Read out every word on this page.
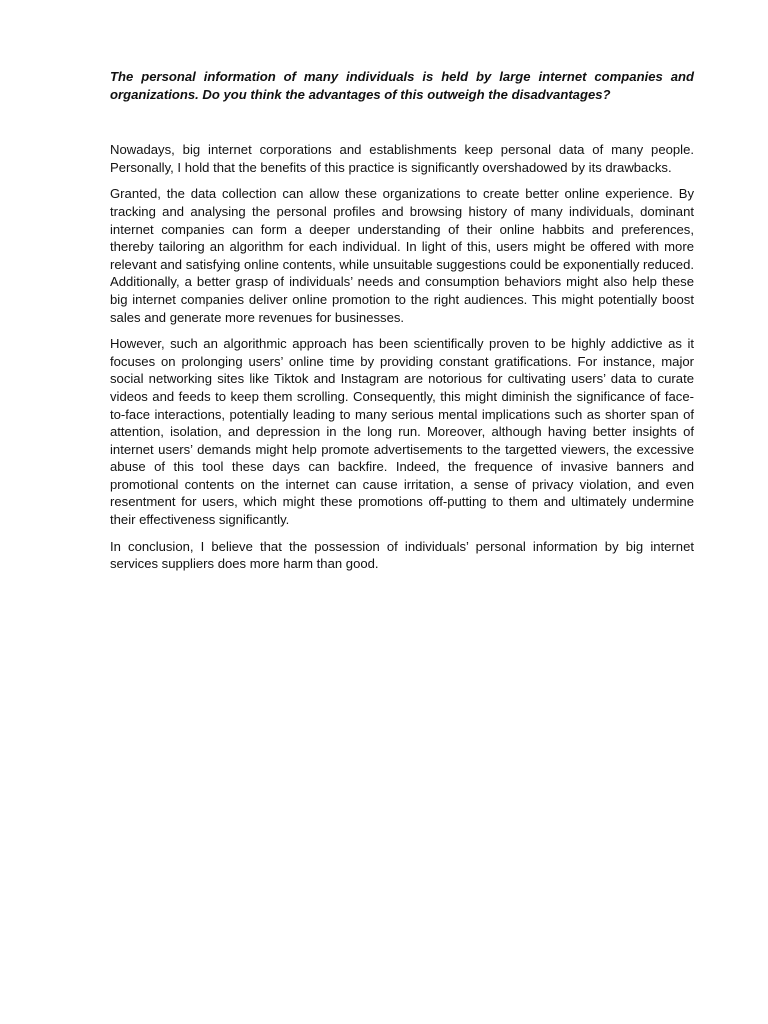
The personal information of many individuals is held by large internet companies and organizations. Do you think the advantages of this outweigh the disadvantages?

Nowadays, big internet corporations and establishments keep personal data of many people. Personally, I hold that the benefits of this practice is significantly overshadowed by its drawbacks.

Granted, the data collection can allow these organizations to create better online experience. By tracking and analysing the personal profiles and browsing history of many individuals, dominant internet companies can form a deeper understanding of their online habbits and preferences, thereby tailoring an algorithm for each individual. In light of this, users might be offered with more relevant and satisfying online contents, while unsuitable suggestions could be exponentially reduced. Additionally, a better grasp of individuals’ needs and consumption behaviors might also help these big internet companies deliver online promotion to the right audiences. This might potentially boost sales and generate more revenues for businesses.

However, such an algorithmic approach has been scientifically proven to be highly addictive as it focuses on prolonging users’ online time by providing constant gratifications. For instance, major social networking sites like Tiktok and Instagram are notorious for cultivating users’ data to curate videos and feeds to keep them scrolling. Consequently, this might diminish the significance of face-to-face interactions, potentially leading to many serious mental implications such as shorter span of attention, isolation, and depression in the long run. Moreover, although having better insights of internet users’ demands might help promote advertisements to the targetted viewers, the excessive abuse of this tool these days can backfire. Indeed, the frequence of invasive banners and promotional contents on the internet can cause irritation, a sense of privacy violation, and even resentment for users, which might these promotions off-putting to them and ultimately undermine their effectiveness significantly.

In conclusion, I believe that the possession of individuals’ personal information by big internet services suppliers does more harm than good.
